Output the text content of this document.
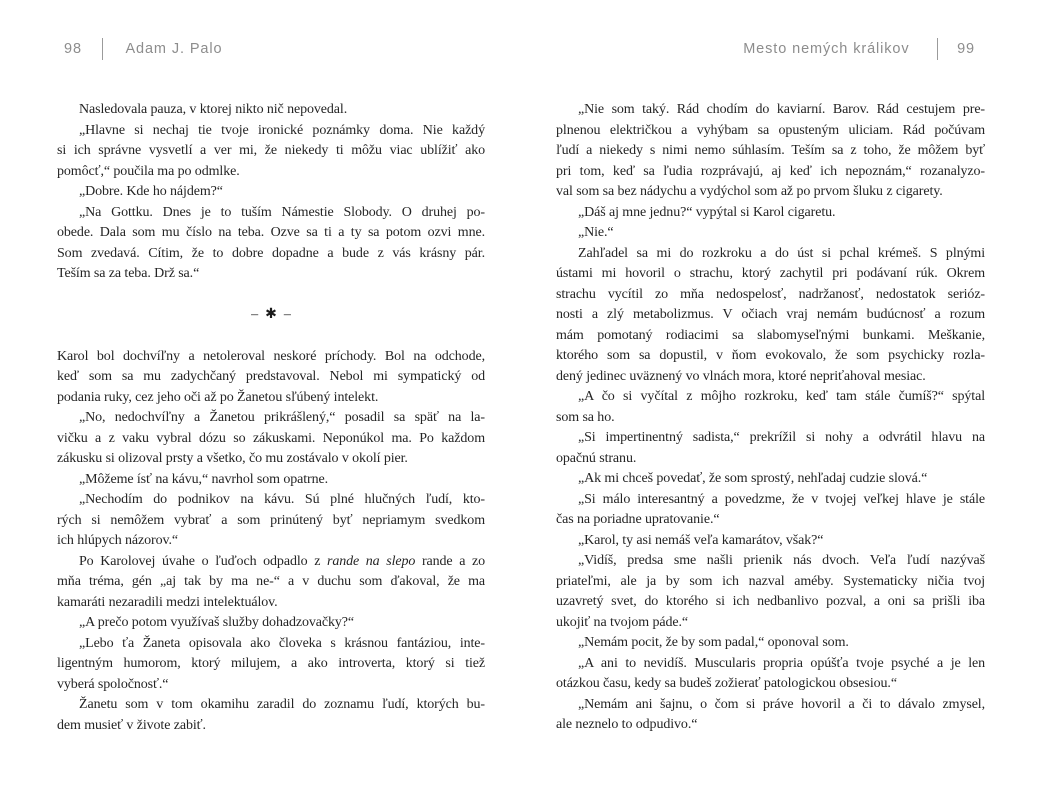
98	Adam J. Palo	Mesto nemých králikov	99
Nasledovala pauza, v ktorej nikto nič nepovedal.
„Hlavne si nechaj tie tvoje ironické poznámky doma. Nie každý
si ich správne vysvetlí a ver mi, že niekedy ti môžu viac ublížiť ako
pomôcť,“ poučila ma po odmlke.
„Dobre. Kde ho nájdem?“
„Na Gottku. Dnes je to tuším Námestie Slobody. O druhej po-
obede. Dala som mu číslo na teba. Ozve sa ti a ty sa potom ozvi mne.
Som zvedavá. Cítim, že to dobre dopadne a bude z vás krásny pár.
Teším sa za teba. Drž sa.“
–✱–
Karol bol dochvíľny a netoleroval neskoré príchody. Bol na odchode,
keď som sa mu zadychčaný predstavoval. Nebol mi sympatický od
podania ruky, cez jeho oči až po Žanetou sľúbený intelekt.
„No, nedochvíľny a Žanetou prikrášlený,“ posadil sa späť na la-
vičku a z vaku vybral dózu so zákuskami. Neponúkol ma. Po každom
zákusku si olizoval prsty a všetko, čo mu zostávalo v okolí pier.
„Môžeme ísť na kávu,“ navrhol som opatrne.
„Nechodím do podnikov na kávu. Sú plné hlučných ľudí, kto-
rých si nemôžem vybrať a som prinútený byť nepriamym svedkom
ich hlúpych názorov.“
Po Karolovej úvahe o ľuďoch odpadlo z rande na slepo rande a zo
mňa tréma, gén „aj tak by ma ne-“ a v duchu som ďakoval, že ma
kamaráti nezaradili medzi intelektuálov.
„A prečo potom využívaš služby dohadzovačky?“
„Lebo ťa Žaneta opisovala ako človeka s krásnou fantáziou, inte-
ligentným humorom, ktorý milujem, a ako introverta, ktorý si tiež
vyberá spoločnosť.“
Žanetu som v tom okamihu zaradil do zoznamu ľudí, ktorých bu-
dem musieť v živote zabiť.
„Nie som taký. Rád chodím do kaviarní. Barov. Rád cestujem pre-
plnenou električkou a vyhýbam sa opusteným uliciam. Rád počúvam
ľudí a niekedy s nimi nemo súhlasím. Teším sa z toho, že môžem byť
pri tom, keď sa ľudia rozprávajú, aj keď ich nepoznám,“ rozanalyzo-
val som sa bez nádychu a vydýchol som až po prvom šluku z cigarety.
„Dáš aj mne jednu?“ vypýtal si Karol cigaretu.
„Nie.“
Zahľadel sa mi do rozkroku a do úst si pchal krémeš. S plnými
ústami mi hovoril o strachu, ktorý zachytil pri podávaní rúk. Okrem
strachu vycítil zo mňa nedospelosť, nadržanosť, nedostatok serióz-
nosti a zlý metabolizmus. V očiach vraj nemám budúcnosť a rozum
mám pomotaný rodiacimi sa slabomyseľnými bunkami. Meškanie,
ktorého som sa dopustil, v ňom evokovalo, že som psychicky rozla-
dený jedinec uväznený vo vlnách mora, ktoré nepriťahoval mesiac.
„A čo si vyčítal z môjho rozkroku, keď tam stále čumíš?“ spýtal
som sa ho.
„Si impertinentný sadista,“ prekrížil si nohy a odvrátil hlavu na
opačnú stranu.
„Ak mi chceš povedať, že som sprostý, nehľadaj cudzie slová.“
„Si málo interesantný a povedzme, že v tvojej veľkej hlave je stále
čas na poriadne upratovanie.“
„Karol, ty asi nemáš veľa kamarátov, však?“
„Vidíš, predsa sme našli prienik nás dvoch. Veľa ľudí nazývaš
priateľmi, ale ja by som ich nazval améby. Systematicky ničia tvoj
uzavretý svet, do ktorého si ich nedbanlivo pozval, a oni sa prišli iba
ukojiť na tvojom páde.“
„Nemám pocit, že by som padal,“ oponoval som.
„A ani to nevidíš. Muscularis propria opúšťa tvoje psyché a je len
otázkou času, kedy sa budeš zožierať patologickou obsesiou.“
„Nemám ani šajnu, o čom si práve hovoril a či to dávalo zmysel,
ale neznelo to odpudivo.“
